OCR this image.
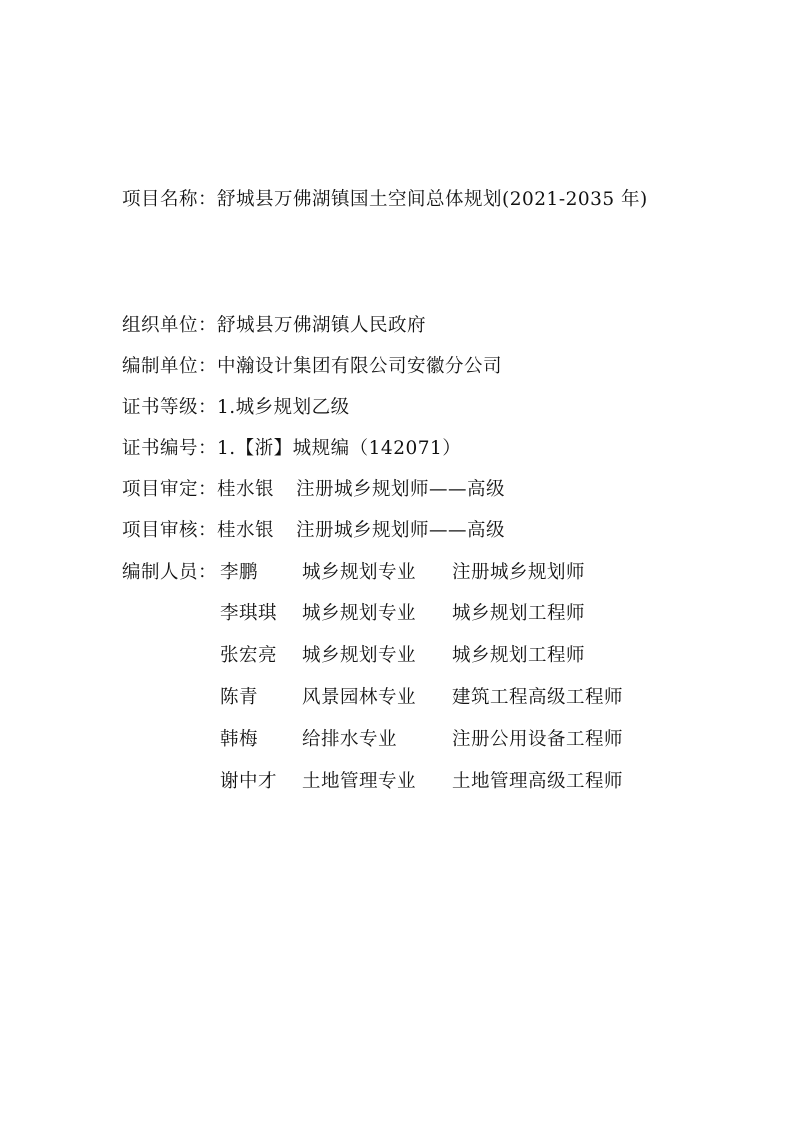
项目名称：舒城县万佛湖镇国土空间总体规划(2021-2035 年)
组织单位：舒城县万佛湖镇人民政府
编制单位：中瀚设计集团有限公司安徽分公司
证书等级：1.城乡规划乙级
证书编号：1.【浙】城规编（142071）
项目审定：桂水银 注册城乡规划师——高级
项目审核：桂水银 注册城乡规划师——高级
编制人员： 李鹏 城乡规划专业 注册城乡规划师
李琪琪 城乡规划专业 城乡规划工程师
张宏亮 城乡规划专业 城乡规划工程师
陈青 风景园林专业 建筑工程高级工程师
韩梅 给排水专业	注册公用设备工程师
谢中才 土地管理专业 土地管理高级工程师
